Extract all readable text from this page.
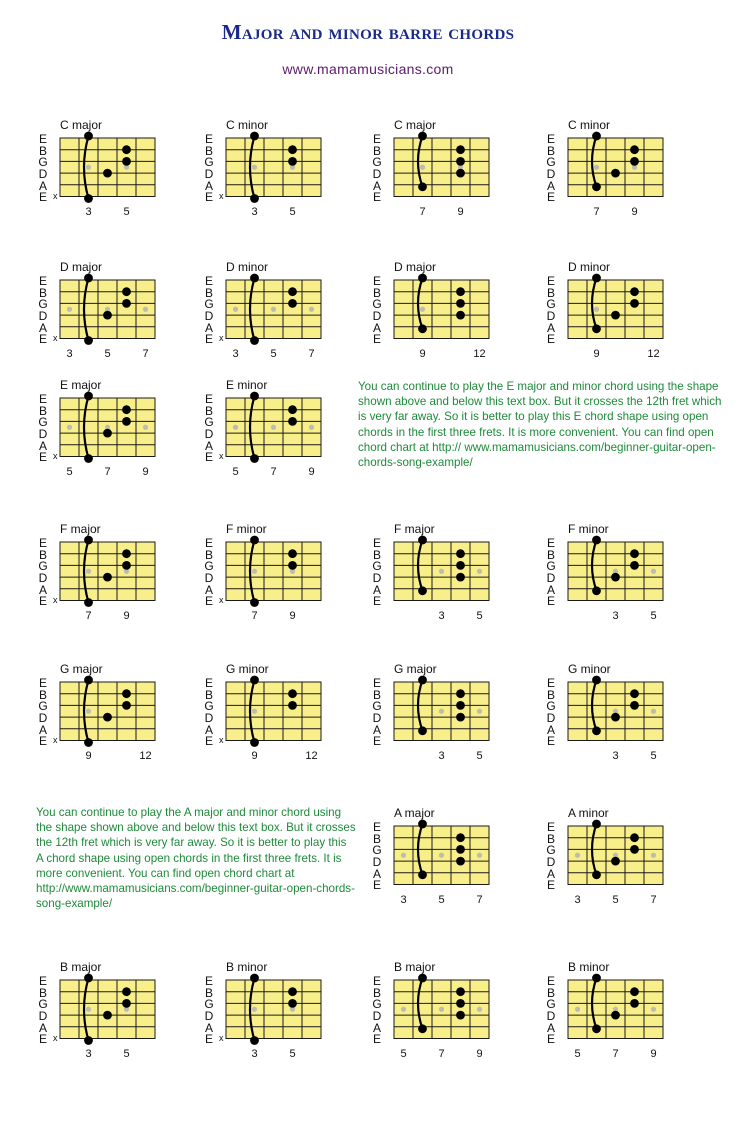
Major and minor barre chords
www.mamamusicians.com
C major
E
B
G
D
A
E x
3	5
C minor
E
B
G
D
A
E x
3	5
C major
E
B
G
D
A
E
7	9
C minor
E
B
G
D
A
E
7	9
D major
E
B
G
D
A
E x
3	5	7
D minor
E
B
G
D
A
E x
3	5	7
D major
E
B
G
D
A
E
9	12
D minor
E
B
G
D
A
E
9	12
E major
E
B
G
D
A
E x
5	7	9
E minor
E
B
G
D
A
E x
5	7	9
F major
E
B
G
D
A
E x
7	9
F minor
E
B
G
D
A
E x
7	9
F major
E
B
G
D
A
E
3	5
F minor
E
B
G
D
A
E
3	5
G major
E
B
G
D
A
E x
9	12
G minor
E
B
G
D
A
E x
9	12
G major
E
B
G
D
A
E
3	5
G minor
E
B
G
D
A
E
3	5
A major
E
B
G
D
A
E
3	5	7
A minor
E
B
G
D
A
E
3	5	7
B major
E
B
G
D
A
E x
3	5
B minor
E
B
G
D
A
E x
3	5
B major
E
B
G
D
A
E
5	7	9
B minor
E
B
G
D
A
E
5	7	9
You can continue to play the E major and minor chord using the shape shown above and below this text box. But it crosses the 12th fret which is very far away. So it is better to play this E chord shape using open chords in the first three frets. It is more convenient. You can find open chord chart at http:// www.mamamusicians.com/beginner-guitar-open-chords-song-example/
You can continue to play the A major and minor chord using the shape shown above and below this text box. But it crosses the 12th fret which is very far away. So it is better to play this A chord shape using open chords in the first three frets. It is more convenient. You can find open chord chart at http://www.mamamusicians.com/beginner-guitar-open-chords-song-example/
